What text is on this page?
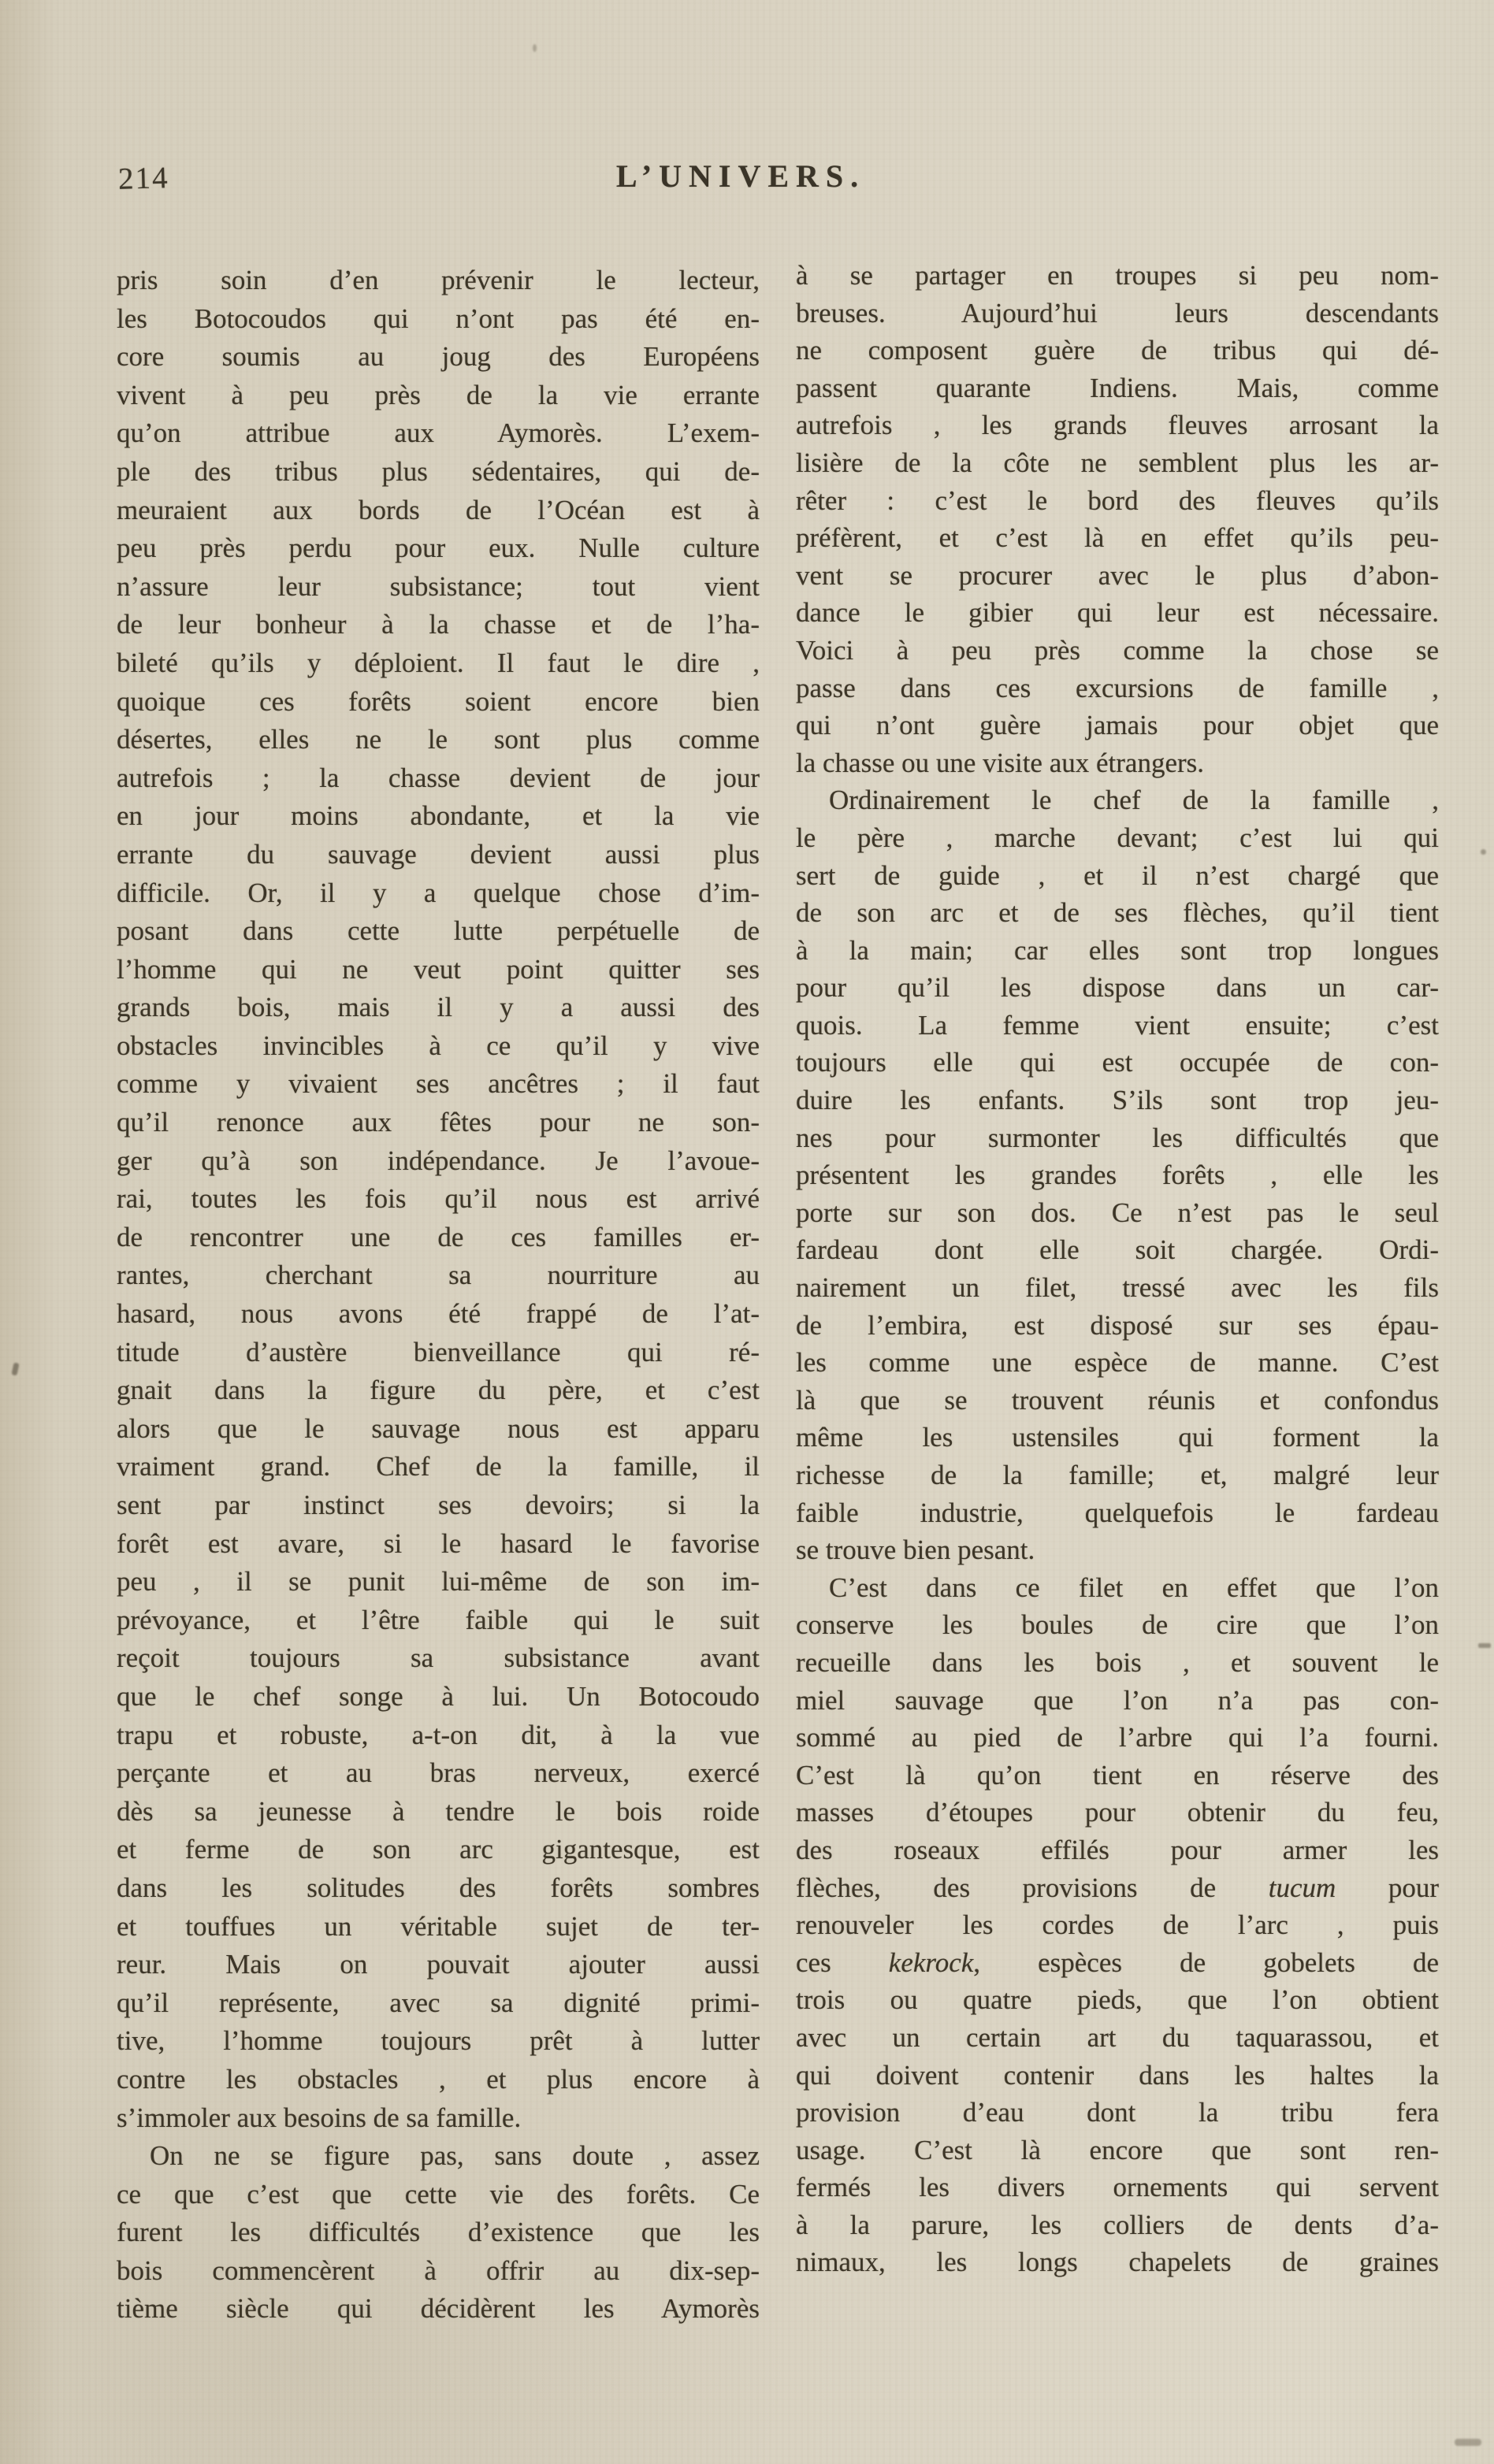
214	L’UNIVERS.
pris soin d’en prévenir le lecteur,
les Botocoudos qui n’ont pas été en-
core soumis au joug des Européens
vivent à peu près de la vie errante
qu’on attribue aux Aymorès. L’exem-
ple des tribus plus sédentaires, qui de-
meuraient aux bords de l’Océan est à
peu près perdu pour eux. Nulle culture
n’assure leur subsistance; tout vient
de leur bonheur à la chasse et de l’ha-
bileté qu’ils y déploient. Il faut le dire ,
quoique ces forêts soient encore bien
désertes, elles ne le sont plus comme
autrefois ; la chasse devient de jour
en jour moins abondante, et la vie
errante du sauvage devient aussi plus
difficile. Or, il y a quelque chose d’im-
posant dans cette lutte perpétuelle de
l’homme qui ne veut point quitter ses
grands bois, mais il y a aussi des
obstacles invincibles à ce qu’il y vive
comme y vivaient ses ancêtres ; il faut
qu’il renonce aux fêtes pour ne son-
ger qu’à son indépendance. Je l’avoue-
rai, toutes les fois qu’il nous est arrivé
de rencontrer une de ces familles er-
rantes, cherchant sa nourriture au
hasard, nous avons été frappé de l’at-
titude d’austère bienveillance qui ré-
gnait dans la figure du père, et c’est
alors que le sauvage nous est apparu
vraiment grand. Chef de la famille, il
sent par instinct ses devoirs; si la
forêt est avare, si le hasard le favorise
peu , il se punit lui-même de son im-
prévoyance, et l’être faible qui le suit
reçoit toujours sa subsistance avant
que le chef songe à lui. Un Botocoudo
trapu et robuste, a-t-on dit, à la vue
perçante et au bras nerveux, exercé
dès sa jeunesse à tendre le bois roide
et ferme de son arc gigantesque, est
dans les solitudes des forêts sombres
et touffues un véritable sujet de ter-
reur. Mais on pouvait ajouter aussi
qu’il représente, avec sa dignité primi-
tive, l’homme toujours prêt à lutter
contre les obstacles , et plus encore à
s’immoler aux besoins de sa famille.
On ne se figure pas, sans doute , assez
ce que c’est que cette vie des forêts. Ce
furent les difficultés d’existence que les
bois commencèrent à offrir au dix-sep-
tième siècle qui décidèrent les Aymorès
à se partager en troupes si peu nom-
breuses. Aujourd’hui leurs descendants
ne composent guère de tribus qui dé-
passent quarante Indiens. Mais, comme
autrefois , les grands fleuves arrosant la
lisière de la côte ne semblent plus les ar-
rêter : c’est le bord des fleuves qu’ils
préfèrent, et c’est là en effet qu’ils peu-
vent se procurer avec le plus d’abon-
dance le gibier qui leur est nécessaire.
Voici à peu près comme la chose se
passe dans ces excursions de famille ,
qui n’ont guère jamais pour objet que
la chasse ou une visite aux étrangers.
Ordinairement le chef de la famille ,
le père , marche devant; c’est lui qui
sert de guide , et il n’est chargé que
de son arc et de ses flèches, qu’il tient
à la main; car elles sont trop longues
pour qu’il les dispose dans un car-
quois. La femme vient ensuite; c’est
toujours elle qui est occupée de con-
duire les enfants. S’ils sont trop jeu-
nes pour surmonter les difficultés que
présentent les grandes forêts , elle les
porte sur son dos. Ce n’est pas le seul
fardeau dont elle soit chargée. Ordi-
nairement un filet, tressé avec les fils
de l’embira, est disposé sur ses épau-
les comme une espèce de manne. C’est
là que se trouvent réunis et confondus
même les ustensiles qui forment la
richesse de la famille; et, malgré leur
faible industrie, quelquefois le fardeau
se trouve bien pesant.
C’est dans ce filet en effet que l’on
conserve les boules de cire que l’on
recueille dans les bois , et souvent le
miel sauvage que l’on n’a pas con-
sommé au pied de l’arbre qui l’a fourni.
C’est là qu’on tient en réserve des
masses d’étoupes pour obtenir du feu,
des roseaux effilés pour armer les
flèches, des provisions de tucum pour
renouveler les cordes de l’arc , puis
ces kekrock, espèces de gobelets de
trois ou quatre pieds, que l’on obtient
avec un certain art du taquarassou, et
qui doivent contenir dans les haltes la
provision d’eau dont la tribu fera
usage. C’est là encore que sont ren-
fermés les divers ornements qui servent
à la parure, les colliers de dents d’a-
nimaux, les longs chapelets de graines
